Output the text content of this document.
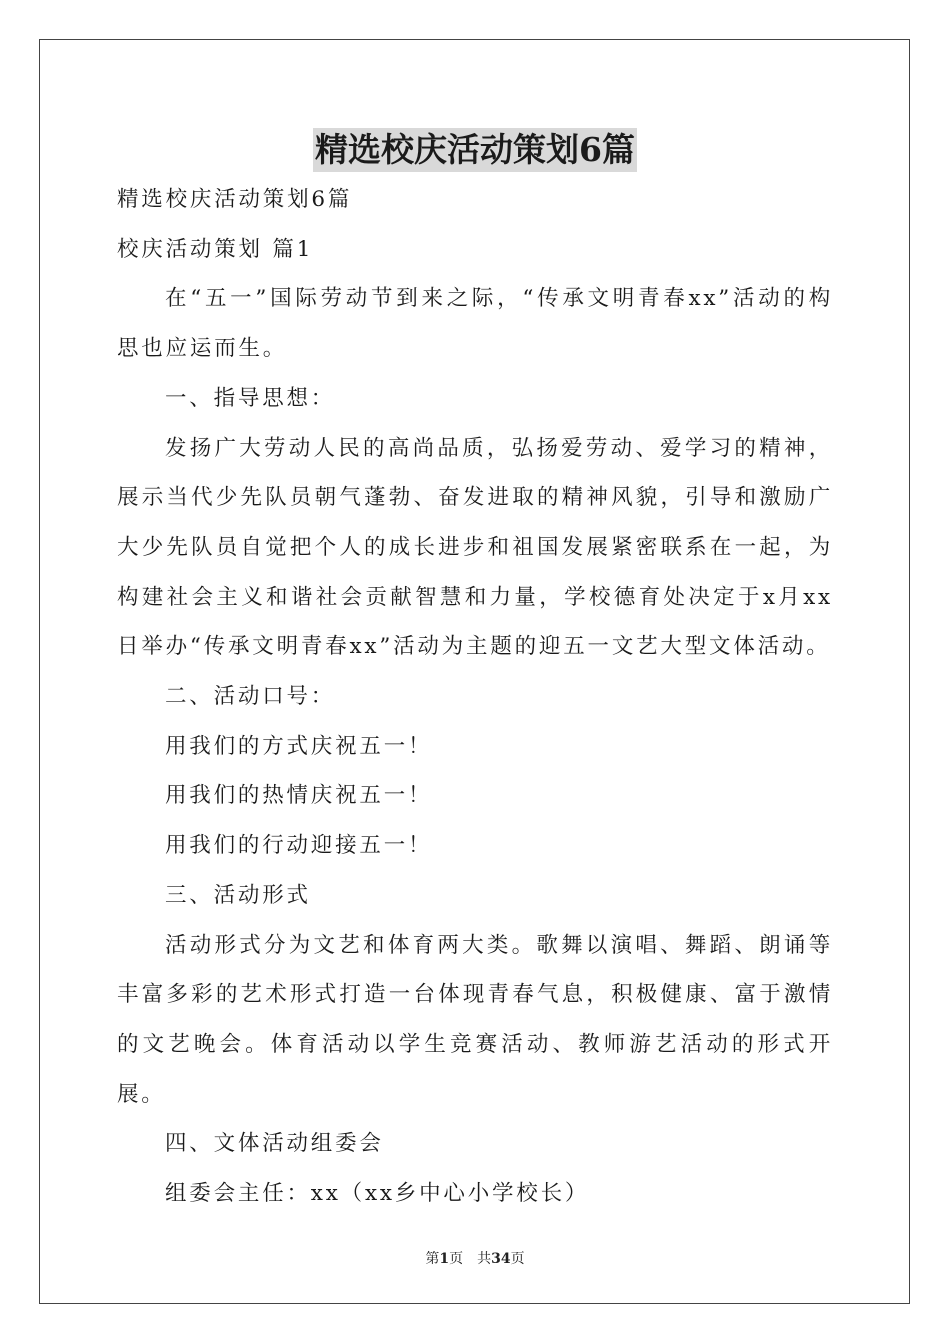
精选校庆活动策划6篇

精选校庆活动策划6篇

校庆活动策划 篇1

在“五一”国际劳动节到来之际，“传承文明青春xx”活动的构思也应运而生。

一、指导思想：

发扬广大劳动人民的高尚品质，弘扬爱劳动、爱学习的精神，展示当代少先队员朝气蓬勃、奋发进取的精神风貌，引导和激励广大少先队员自觉把个人的成长进步和祖国发展紧密联系在一起，为构建社会主义和谐社会贡献智慧和力量，学校德育处决定于x月xx日举办“传承文明青春xx”活动为主题的迎五一文艺大型文体活动。

二、活动口号：

用我们的方式庆祝五一！

用我们的热情庆祝五一！

用我们的行动迎接五一！

三、活动形式

活动形式分为文艺和体育两大类。歌舞以演唱、舞蹈、朗诵等丰富多彩的艺术形式打造一台体现青春气息，积极健康、富于激情的文艺晚会。体育活动以学生竞赛活动、教师游艺活动的形式开展。

四、文体活动组委会

组委会主任：xx（xx乡中心小学校长）

第1页　共34页
